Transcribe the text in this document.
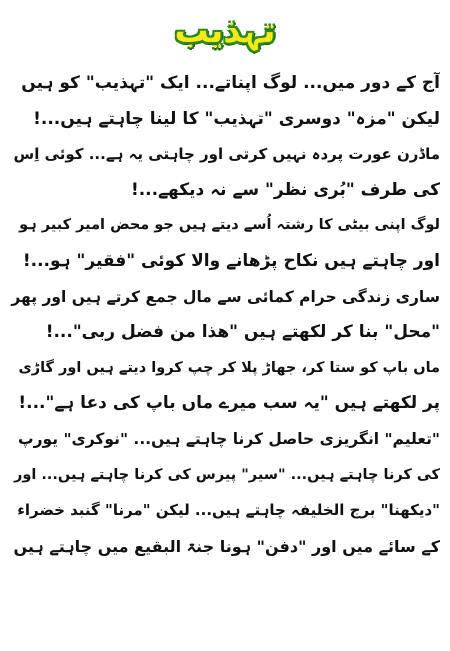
تہذیب
آج کے دور میں... لوگ اپناتے... ایک "تہذیب" کو ہیں
لیکن "مزہ" دوسری "تہذیب" کا لینا چاہتے ہیں...!
ماڈرن عورت پردہ نہیں کرتی اور چاہتی یہ ہے... کوئی اِس
کی طرف "بُری نظر" سے نہ دیکھے...!
لوگ اپنی بیٹی کا رشتہ اُسے دیتے ہیں جو محض امیر کبیر ہو
اور چاہتے ہیں نکاح پڑھانے والا کوئی "فقیر" ہو...!
ساری زندگی حرام کمائی سے مال جمع کرتے ہیں اور پھر
"محل" بنا کر لکھتے ہیں "ھذا من فضل ربی"...!
ماں باپ کو ستا کر، جھاڑ پلا کر چپ کروا دیتے ہیں اور گاڑی
پر لکھتے ہیں "یہ سب میرے ماں باپ کی دعا ہے"...!
"تعلیم" انگریزی حاصل کرنا چاہتے ہیں... "نوکری" یورپ
کی کرنا چاہتے ہیں... "سیر" پیرس کی کرنا چاہتے ہیں... اور
"دیکھنا" برج الخلیفہ چاہتے ہیں... لیکن "مرنا" گنبد خضراء
کے سائے میں اور "دفن" ہونا جنۃ البقیع میں چاہتے ہیں
